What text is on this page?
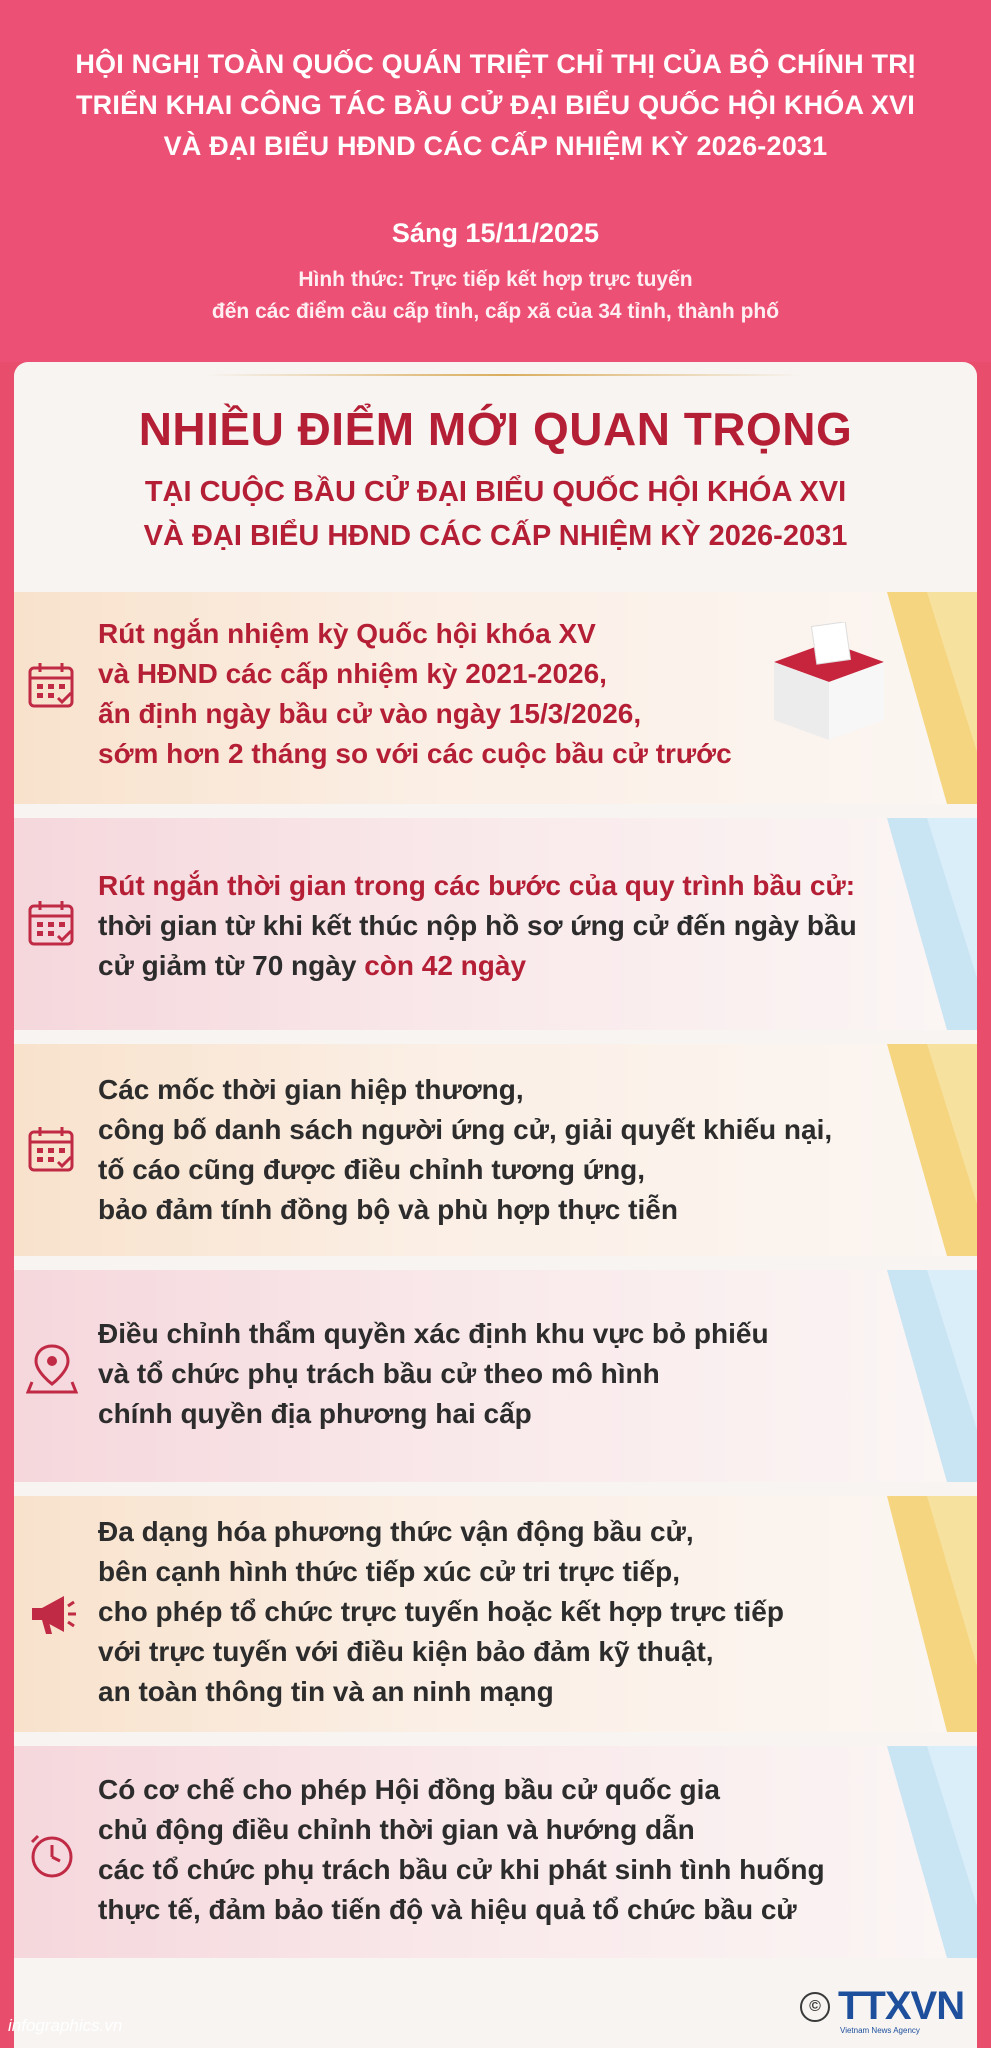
HỘI NGHỊ TOÀN QUỐC QUÁN TRIỆT CHỈ THỊ CỦA BỘ CHÍNH TRỊ
TRIỂN KHAI CÔNG TÁC BẦU CỬ ĐẠI BIỂU QUỐC HỘI KHÓA XVI
VÀ ĐẠI BIỂU HĐND CÁC CẤP NHIỆM KỲ 2026-2031
Sáng 15/11/2025
Hình thức: Trực tiếp kết hợp trực tuyến
đến các điểm cầu cấp tỉnh, cấp xã của 34 tỉnh, thành phố
NHIỀU ĐIỂM MỚI QUAN TRỌNG
TẠI CUỘC BẦU CỬ ĐẠI BIỂU QUỐC HỘI KHÓA XVI
VÀ ĐẠI BIỂU HĐND CÁC CẤP NHIỆM KỲ 2026-2031
Rút ngắn nhiệm kỳ Quốc hội khóa XV
và HĐND các cấp nhiệm kỳ 2021-2026,
ấn định ngày bầu cử vào ngày 15/3/2026,
sớm hơn 2 tháng so với các cuộc bầu cử trước
Rút ngắn thời gian trong các bước của quy trình bầu cử:
thời gian từ khi kết thúc nộp hồ sơ ứng cử đến ngày bầu
cử giảm từ 70 ngày còn 42 ngày
Các mốc thời gian hiệp thương,
công bố danh sách người ứng cử, giải quyết khiếu nại,
tố cáo cũng được điều chỉnh tương ứng,
bảo đảm tính đồng bộ và phù hợp thực tiễn
Điều chỉnh thẩm quyền xác định khu vực bỏ phiếu
và tổ chức phụ trách bầu cử theo mô hình
chính quyền địa phương hai cấp
Đa dạng hóa phương thức vận động bầu cử,
bên cạnh hình thức tiếp xúc cử tri trực tiếp,
cho phép tổ chức trực tuyến hoặc kết hợp trực tiếp
với trực tuyến với điều kiện bảo đảm kỹ thuật,
an toàn thông tin và an ninh mạng
Có cơ chế cho phép Hội đồng bầu cử quốc gia
chủ động điều chỉnh thời gian và hướng dẫn
các tổ chức phụ trách bầu cử khi phát sinh tình huống
thực tế, đảm bảo tiến độ và hiệu quả tổ chức bầu cử
infographics.vn
© TTXVN
Vietnam News Agency
